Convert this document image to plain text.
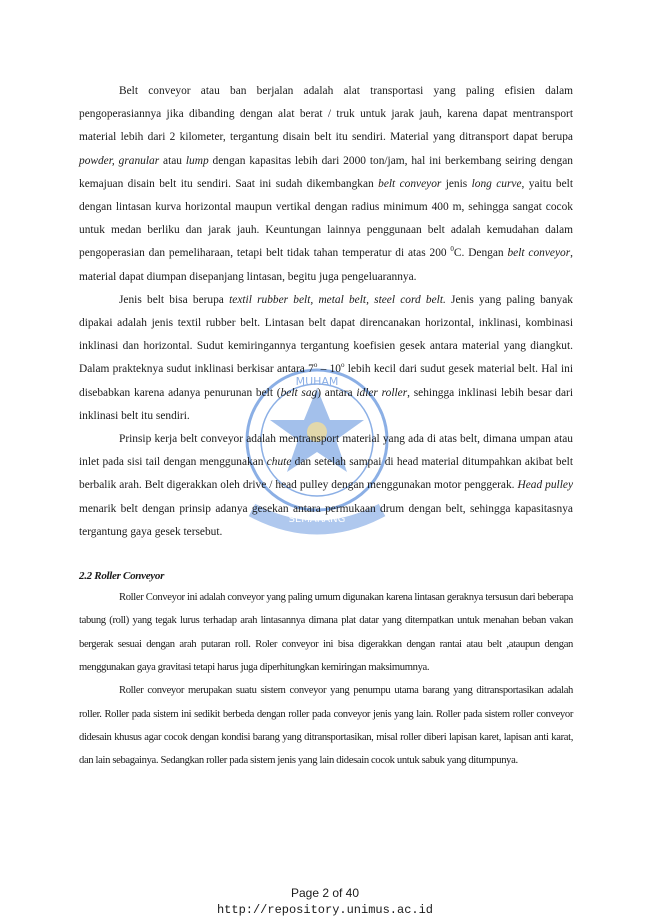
MUHAM
SEMARANG

Belt conveyor atau ban berjalan adalah alat transportasi yang paling efisien dalam pengoperasiannya jika dibanding dengan alat berat / truk untuk jarak jauh, karena dapat mentransport material lebih dari 2 kilometer, tergantung disain belt itu sendiri. Material yang ditransport dapat berupa powder, granular atau lump dengan kapasitas lebih dari 2000 ton/jam, hal ini berkembang seiring dengan kemajuan disain belt itu sendiri. Saat ini sudah dikembangkan belt conveyor jenis long curve, yaitu belt dengan lintasan kurva horizontal maupun vertikal dengan radius minimum 400 m, sehingga sangat cocok untuk medan berliku dan jarak jauh. Keuntungan lainnya penggunaan belt adalah kemudahan dalam pengoperasian dan pemeliharaan, tetapi belt tidak tahan temperatur di atas 200 $^0$C. Dengan belt conveyor, material dapat diumpan disepanjang lintasan, begitu juga pengeluarannya.

Jenis belt bisa berupa textil rubber belt, metal belt, steel cord belt. Jenis yang paling banyak dipakai adalah jenis textil rubber belt. Lintasan belt dapat direncanakan horizontal, inklinasi, kombinasi inklinasi dan horizontal. Sudut kemiringannya tergantung koefisien gesek antara material yang diangkut. Dalam prakteknya sudut inklinasi berkisar antara 7$^o$ – 10$^o$ lebih kecil dari sudut gesek material belt. Hal ini disebabkan karena adanya penurunan belt (belt sag) antara idler roller, sehingga inklinasi lebih besar dari inklinasi belt itu sendiri.

Prinsip kerja belt conveyor adalah mentransport material yang ada di atas belt, dimana umpan atau inlet pada sisi tail dengan menggunakan chute dan setelah sampai di head material ditumpahkan akibat belt berbalik arah. Belt digerakkan oleh drive / head pulley dengan menggunakan motor penggerak. Head pulley menarik belt dengan prinsip adanya gesekan antara permukaan drum dengan belt, sehingga kapasitasnya tergantung gaya gesek tersebut.

2.2 Roller Conveyor

Roller Conveyor ini adalah conveyor yang paling umum digunakan karena lintasan geraknya tersusun dari beberapa tabung (roll) yang tegak lurus terhadap arah lintasannya dimana plat datar yang ditempatkan untuk menahan beban vakan bergerak sesuai dengan arah putaran roll. Roler conveyor ini bisa digerakkan dengan rantai atau belt ,ataupun dengan menggunakan gaya gravitasi tetapi harus juga diperhitungkan kemiringan maksimumnya.

Roller conveyor merupakan suatu sistem conveyor yang penumpu utama barang yang ditransportasikan adalah roller. Roller pada sistem ini sedikit berbeda dengan roller pada conveyor jenis yang lain. Roller pada sistem roller conveyor didesain khusus agar cocok dengan kondisi barang yang ditransportasikan, misal roller diberi lapisan karet, lapisan anti karat, dan lain sebagainya. Sedangkan roller pada sistem jenis yang lain didesain cocok untuk sabuk yang ditumpunya.

Page 2 of 40
http://repository.unimus.ac.id
